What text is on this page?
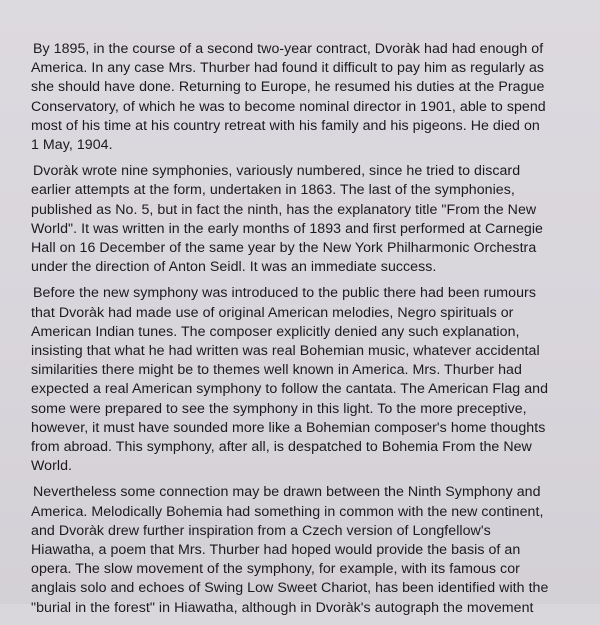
By 1895, in the course of a second two-year contract, Dvoràk had had enough of
America. In any case Mrs. Thurber had found it difficult to pay him as regularly as
she should have done. Returning to Europe, he resumed his duties at the Prague
Conservatory, of which he was to become nominal director in 1901, able to spend
most of his time at his country retreat with his family and his pigeons. He died on
1 May, 1904.

Dvoràk wrote nine symphonies, variously numbered, since he tried to discard
earlier attempts at the form, undertaken in 1863. The last of the symphonies,
published as No. 5, but in fact the ninth, has the explanatory title "From the New
World". It was written in the early months of 1893 and first performed at Carnegie
Hall on 16 December of the same year by the New York Philharmonic Orchestra
under the direction of Anton Seidl. It was an immediate success.

Before the new symphony was introduced to the public there had been rumours
that Dvoràk had made use of original American melodies, Negro spirituals or
American Indian tunes. The composer explicitly denied any such explanation,
insisting that what he had written was real Bohemian music, whatever accidental
similarities there might be to themes well known in America. Mrs. Thurber had
expected a real American symphony to follow the cantata. The American Flag and
some were prepared to see the symphony in this light. To the more preceptive,
however, it must have sounded more like a Bohemian composer's home thoughts
from abroad. This symphony, after all, is despatched to Bohemia From the New
World.

Nevertheless some connection may be drawn between the Ninth Symphony and
America. Melodically Bohemia had something in common with the new continent,
and Dvoràk drew further inspiration from a Czech version of Longfellow's
Hiawatha, a poem that Mrs. Thurber had hoped would provide the basis of an
opera. The slow movement of the symphony, for example, with its famous cor
anglais solo and echoes of Swing Low Sweet Chariot, has been identified with the
"burial in the forest" in Hiawatha, although in Dvoràk's autograph the movement
